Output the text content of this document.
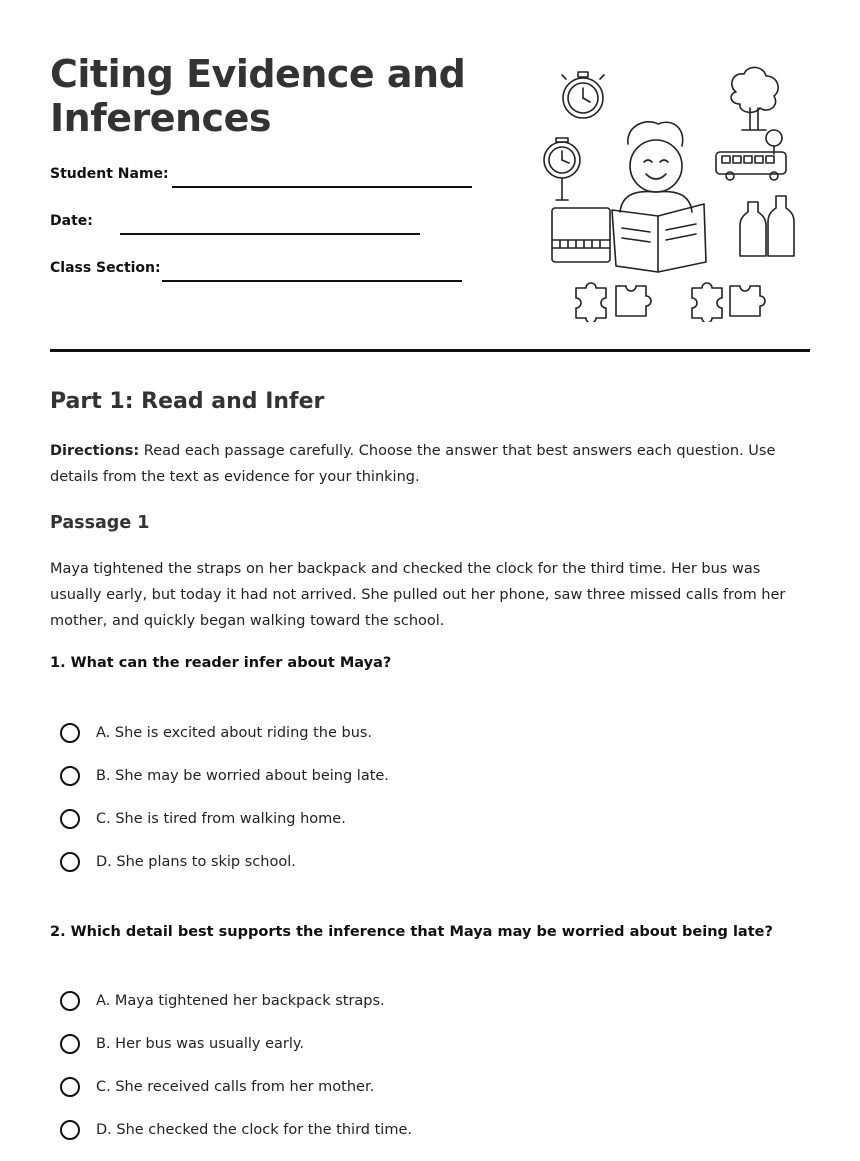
Citing Evidence and
Inferences
Student Name:
Date:
Class Section:
Part 1: Read and Infer

Directions: Read each passage carefully. Choose the answer that best answers each question. Use details from the text as evidence for your thinking.

Passage 1

Maya tightened the straps on her backpack and checked the clock for the third time. Her bus was usually early, but today it had not arrived. She pulled out her phone, saw three missed calls from her mother, and quickly began walking toward the school.

1. What can the reader infer about Maya?

A. She is excited about riding the bus.
B. She may be worried about being late.
C. She is tired from walking home.
D. She plans to skip school.

2. Which detail best supports the inference that Maya may be worried about being late?

A. Maya tightened her backpack straps.
B. Her bus was usually early.
C. She received calls from her mother.
D. She checked the clock for the third time.
